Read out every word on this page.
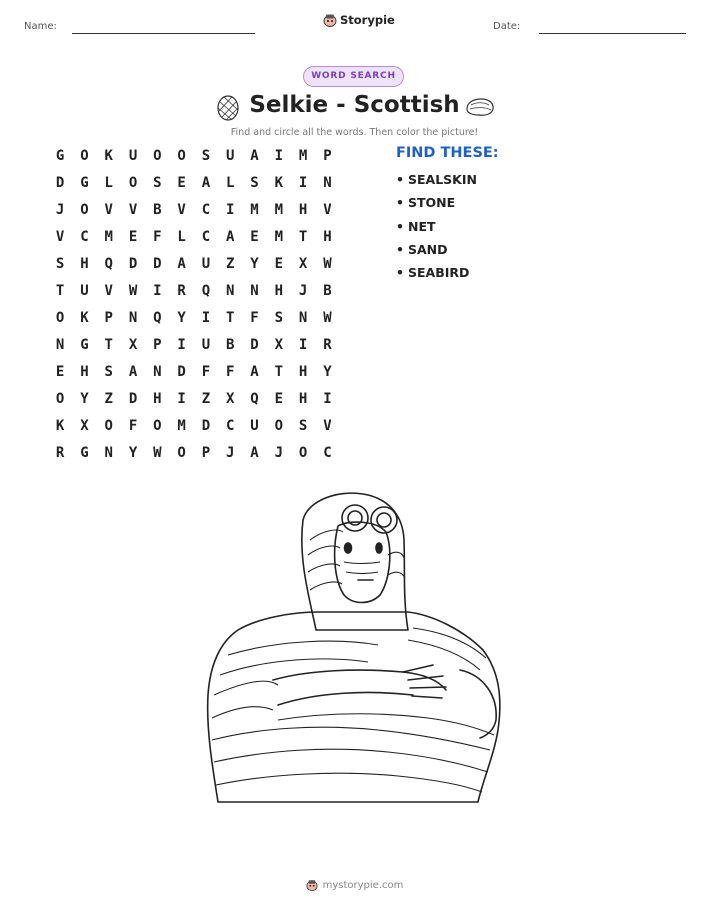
Name:	Storypie	Date:
WORD SEARCH
Selkie - Scottish
Find and circle all the words. Then color the picture!
G	O	K	U	O	O	S	U	A	I	M	P
D	G	L	O	S	E	A	L	S	K	I	N
J	O	V	V	B	V	C	I	M	M	H	V
V	C	M	E	F	L	C	A	E	M	T	H
S	H	Q	D	D	A	U	Z	Y	E	X	W
T	U	V	W	I	R	Q	N	N	H	J	B
O	K	P	N	Q	Y	I	T	F	S	N	W
N	G	T	X	P	I	U	B	D	X	I	R
E	H	S	A	N	D	F	F	A	T	H	Y
O	Y	Z	D	H	I	Z	X	Q	E	H	I
K	X	O	F	O	M	D	C	U	O	S	V
R	G	N	Y	W	O	P	J	A	J	O	C
FIND THESE:
• SEALSKIN
• STONE
• NET
• SAND
• SEABIRD
mystorypie.com
